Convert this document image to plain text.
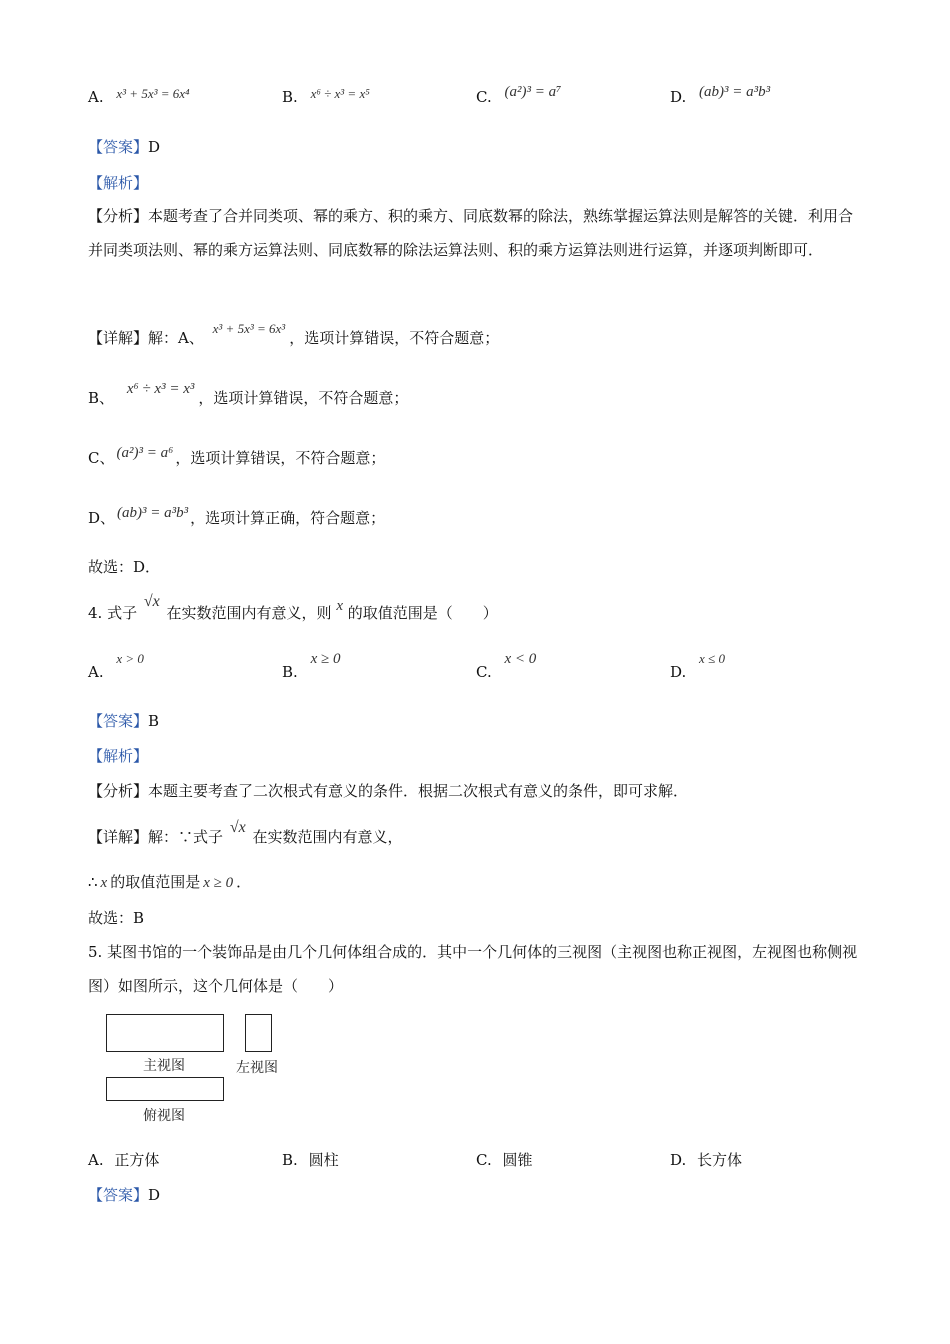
A. x³ + 5x³ = 6x⁴	B. x⁶ ÷ x³ = x⁵	C. (a²)³ = a⁷	D. (ab)³ = a³b³
【答案】D
【解析】
【分析】本题考查了合并同类项、幂的乘方、积的乘方、同底数幂的除法，熟练掌握运算法则是解答的关键．利用合并同类项法则、幂的乘方运算法则、同底数幂的除法运算法则、积的乘方运算法则进行运算，并逐项判断即可．
【详解】解：A、 x³ + 5x³ = 6x³，选项计算错误，不符合题意；
B、 x⁶ ÷ x³ = x³ ，选项计算错误，不符合题意；
C、 (a²)³ = a⁶ ，选项计算错误，不符合题意；
D、 (ab)³ = a³b³ ，选项计算正确，符合题意；
故选：D．
4. 式子 √x 在实数范围内有意义，则 x 的取值范围是（　　）
A. x > 0
B. x ≥ 0
C. x < 0
D. x ≤ 0
【答案】B
【解析】
【分析】本题主要考查了二次根式有意义的条件．根据二次根式有意义的条件，即可求解．
【详解】解：∵式子 √x 在实数范围内有意义，
∴ x 的取值范围是 x ≥ 0 ．
故选：B
5. 某图书馆的一个装饰品是由几个几何体组合成的．其中一个几何体的三视图（主视图也称正视图，左视图也称侧视图）如图所示，这个几何体是（　　）
主视图	左视图
俯视图
A. 正方体	B. 圆柱	C. 圆锥	D. 长方体
【答案】D
